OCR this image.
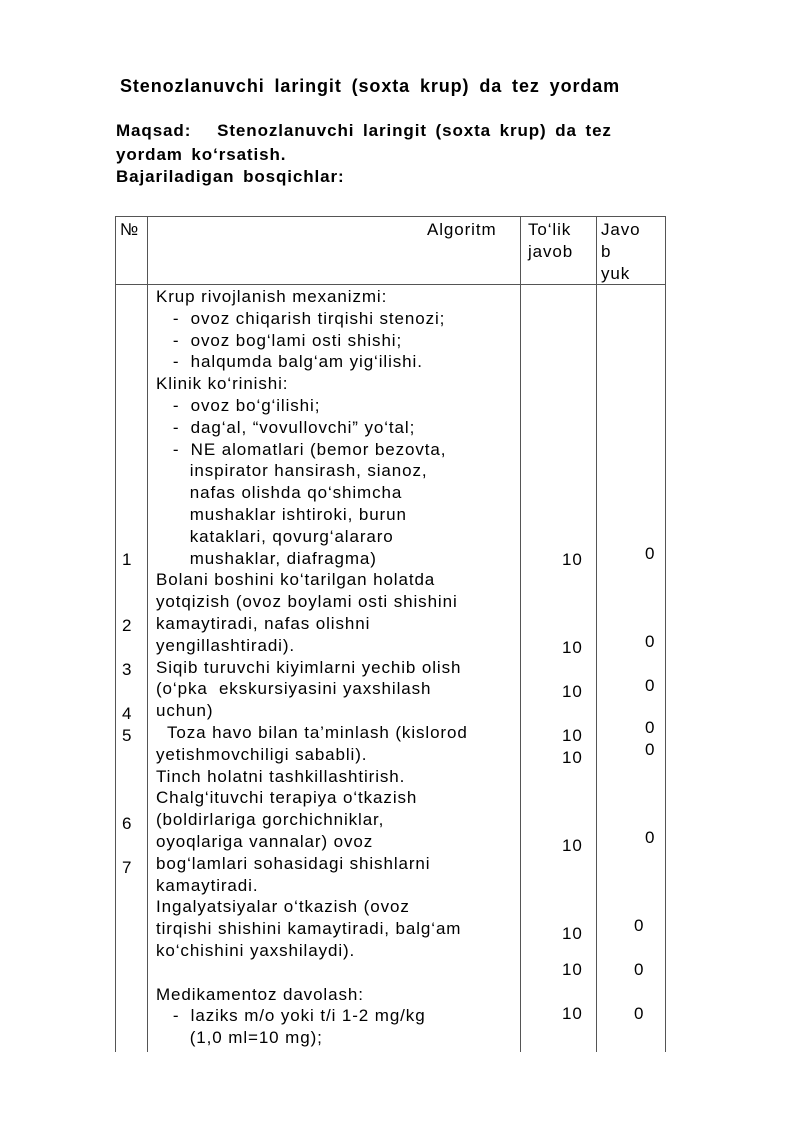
Stenozlanuvchi laringit (soxta krup) da tez yordam
Maqsad:   Stenozlanuvchi laringit (soxta krup) da tez
yordam ko‘rsatish.
Bajariladigan bosqichlar:
№	Algoritm To‘lik
javob
Javo
b
yuk
Krup rivojlanish mexanizmi:
-  ovoz chiqarish tirqishi stenozi;
-  ovoz bog‘lami osti shishi;
-  halqumda balg‘am yig‘ilishi.
Klinik ko‘rinishi:
-  ovoz bo‘g‘ilishi;
-  dag‘al, “vovullovchi” yo‘tal;
-  NE alomatlari (bemor bezovta,
inspirator hansirash, sianoz,
nafas olishda qo‘shimcha
mushaklar ishtiroki, burun
kataklari, qovurg‘alararo
mushaklar, diafragma)
Bolani boshini ko‘tarilgan holatda
yotqizish (ovoz boylami osti shishini
kamaytiradi, nafas olishni
yengillashtiradi).
Siqib turuvchi kiyimlarni yechib olish
(o‘pka  ekskursiyasini yaxshilash
uchun)
Toza havo bilan ta’minlash (kislorod
yetishmovchiligi sababli).
Tinch holatni tashkillashtirish.
Chalg‘ituvchi terapiya o‘tkazish
(boldirlariga gorchichniklar,
oyoqlariga vannalar) ovoz
bog‘lamlari sohasidagi shishlarni
kamaytiradi.
Ingalyatsiyalar o‘tkazish (ovoz
tirqishi shishini kamaytiradi, balg‘am
ko‘chishini yaxshilaydi).
Medikamentoz davolash:
-  laziks m/o yoki t/i 1-2 mg/kg
(1,0 ml=10 mg);
1
2
3
4
5
6
7
10
10
10
10
10
10
10
10
10
0
0
0
0
0
0
0
0
0
